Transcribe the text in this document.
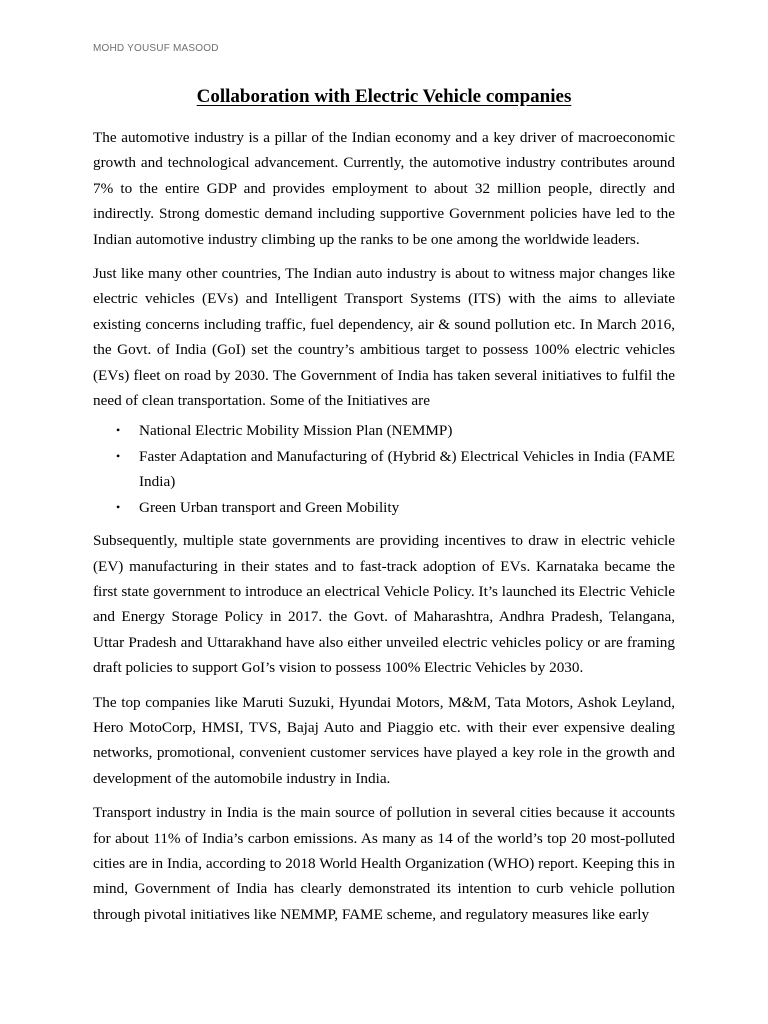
MOHD YOUSUF MASOOD
Collaboration with Electric Vehicle companies

The automotive industry is a pillar of the Indian economy and a key driver of macroeconomic growth and technological advancement. Currently, the automotive industry contributes around 7% to the entire GDP and provides employment to about 32 million people, directly and indirectly. Strong domestic demand including supportive Government policies have led to the Indian automotive industry climbing up the ranks to be one among the worldwide leaders.

Just like many other countries, The Indian auto industry is about to witness major changes like electric vehicles (EVs) and Intelligent Transport Systems (ITS) with the aims to alleviate existing concerns including traffic, fuel dependency, air & sound pollution etc. In March 2016, the Govt. of India (GoI) set the country’s ambitious target to possess 100% electric vehicles (EVs) fleet on road by 2030. The Government of India has taken several initiatives to fulfil the need of clean transportation. Some of the Initiatives are

• National Electric Mobility Mission Plan (NEMMP)
• Faster Adaptation and Manufacturing of (Hybrid &) Electrical Vehicles in India (FAME India)
• Green Urban transport and Green Mobility

Subsequently, multiple state governments are providing incentives to draw in electric vehicle (EV) manufacturing in their states and to fast-track adoption of EVs. Karnataka became the first state government to introduce an electrical Vehicle Policy. It’s launched its Electric Vehicle and Energy Storage Policy in 2017. the Govt. of Maharashtra, Andhra Pradesh, Telangana, Uttar Pradesh and Uttarakhand have also either unveiled electric vehicles policy or are framing draft policies to support GoI’s vision to possess 100% Electric Vehicles by 2030.

The top companies like Maruti Suzuki, Hyundai Motors, M&M, Tata Motors, Ashok Leyland, Hero MotoCorp, HMSI, TVS, Bajaj Auto and Piaggio etc. with their ever expensive dealing networks, promotional, convenient customer services have played a key role in the growth and development of the automobile industry in India.

Transport industry in India is the main source of pollution in several cities because it accounts for about 11% of India’s carbon emissions. As many as 14 of the world’s top 20 most-polluted cities are in India, according to 2018 World Health Organization (WHO) report. Keeping this in mind, Government of India has clearly demonstrated its intention to curb vehicle pollution through pivotal initiatives like NEMMP, FAME scheme, and regulatory measures like early
